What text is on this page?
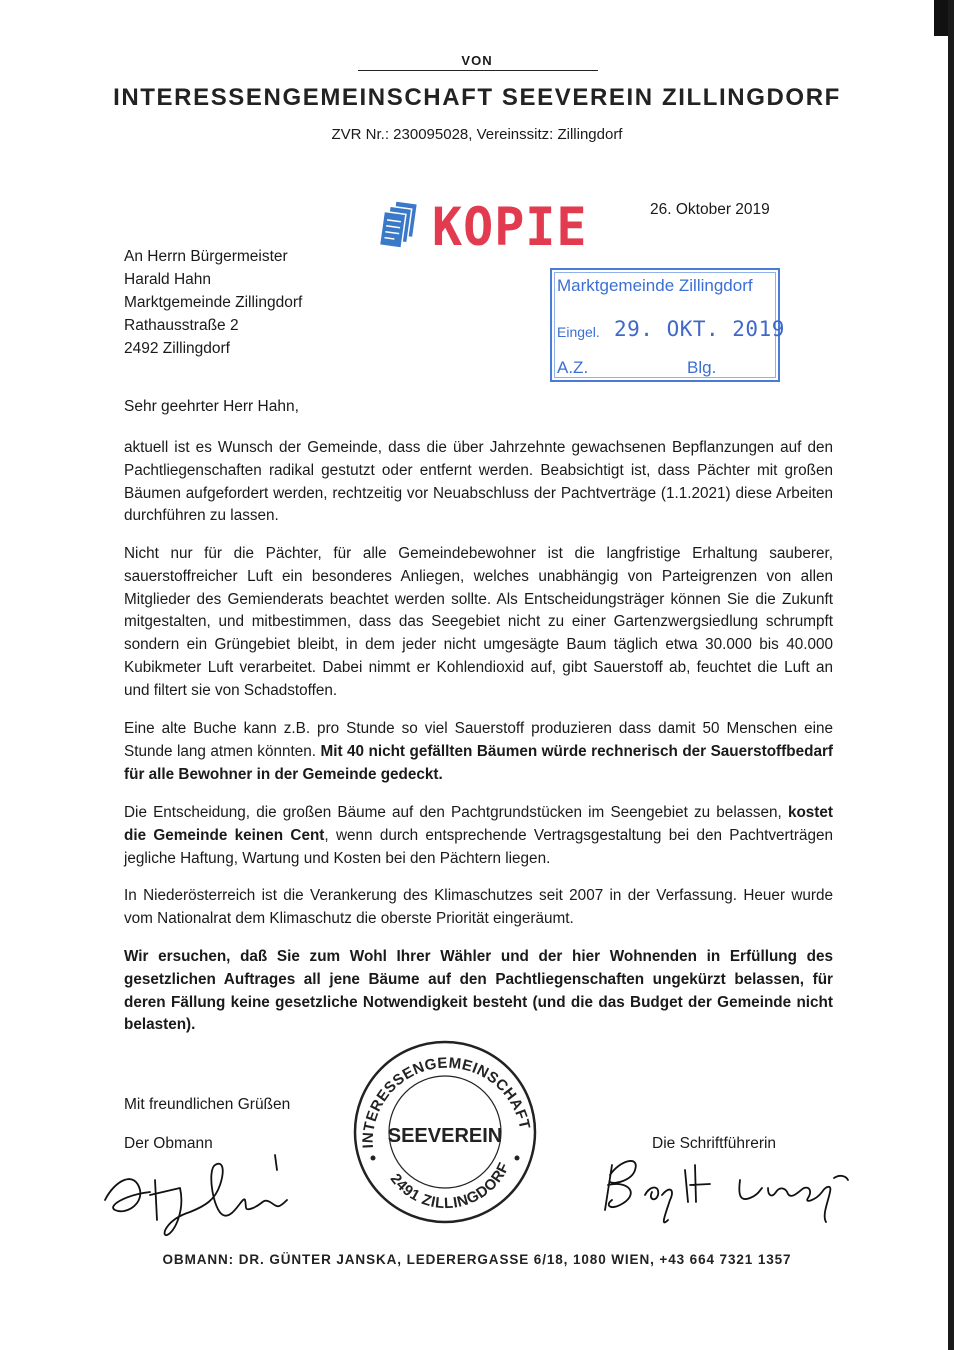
VON
INTERESSENGEMEINSCHAFT SEEVEREIN ZILLINGDORF
ZVR Nr.: 230095028, Vereinssitz: Zillingdorf
KOPIE	26. Oktober 2019
An Herrn Bürgermeister
Harald Hahn
Marktgemeinde Zillingdorf
Rathausstraße 2
2492 Zillingdorf
Marktgemeinde Zillingdorf
Eingel. 29. OKT. 2019
A.Z.	Blg.
Sehr geehrter Herr Hahn,
aktuell ist es Wunsch der Gemeinde, dass die über Jahrzehnte gewachsenen Bepflanzungen auf den Pachtliegenschaften radikal gestutzt oder entfernt werden. Beabsichtigt ist, dass Pächter mit großen Bäumen aufgefordert werden, rechtzeitig vor Neuabschluss der Pachtverträge (1.1.2021) diese Arbeiten durchführen zu lassen.
Nicht nur für die Pächter, für alle Gemeindebewohner ist die langfristige Erhaltung sauberer, sauerstoffreicher Luft ein besonderes Anliegen, welches unabhängig von Parteigrenzen von allen Mitglieder des Gemienderats beachtet werden sollte. Als Entscheidungsträger können Sie die Zukunft mitgestalten, und mitbestimmen, dass das Seegebiet nicht zu einer Gartenzwergsiedlung schrumpft sondern ein Grüngebiet bleibt, in dem jeder nicht umgesägte Baum täglich etwa 30.000 bis 40.000 Kubikmeter Luft verarbeitet. Dabei nimmt er Kohlendioxid auf, gibt Sauerstoff ab, feuchtet die Luft an und filtert sie von Schadstoffen.
Eine alte Buche kann z.B. pro Stunde so viel Sauerstoff produzieren dass damit 50 Menschen eine Stunde lang atmen könnten. Mit 40 nicht gefällten Bäumen würde rechnerisch der Sauerstoffbedarf für alle Bewohner in der Gemeinde gedeckt.
Die Entscheidung, die großen Bäume auf den Pachtgrundstücken im Seengebiet zu belassen, kostet die Gemeinde keinen Cent, wenn durch entsprechende Vertragsgestaltung bei den Pachtverträgen jegliche Haftung, Wartung und Kosten bei den Pächtern liegen.
In Niederösterreich ist die Verankerung des Klimaschutzes seit 2007 in der Verfassung. Heuer wurde vom Nationalrat dem Klimaschutz die oberste Priorität eingeräumt.
Wir ersuchen, daß Sie zum Wohl Ihrer Wähler und der hier Wohnenden in Erfüllung des gesetzlichen Auftrages all jene Bäume auf den Pachtliegenschaften ungekürzt belassen, für deren Fällung keine gesetzliche Notwendigkeit besteht (und die das Budget der Gemeinde nicht belasten).
Mit freundlichen Grüßen
Der Obmann	Die Schriftführerin
INTERESSENGEMEINSCHAFT
SEEVEREIN
2491 ZILLINGDORF
OBMANN: DR. GÜNTER JANSKA, LEDERERGASSE 6/18, 1080 WIEN, +43 664 7321 1357
